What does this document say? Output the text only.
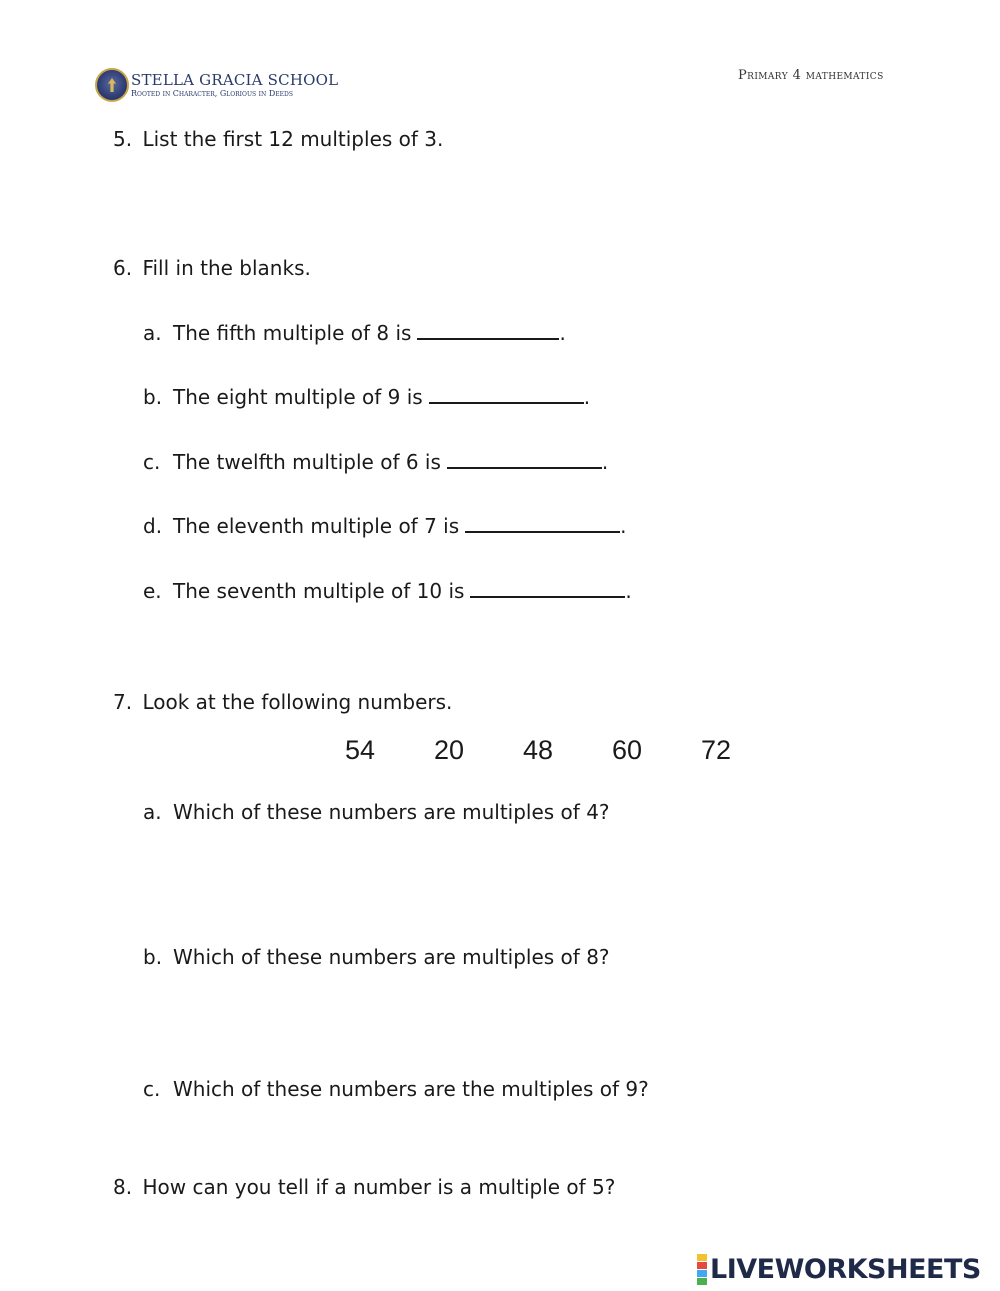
STELLA GRACIA SCHOOL
Rooted in Character, Glorious in Deeds
Primary 4 mathematics
5. List the first 12 multiples of 3.
6. Fill in the blanks.
a. The fifth multiple of 8 is	.
b. The eight multiple of 9 is	.
c. The twelfth multiple of 6 is	.
d. The eleventh multiple of 7 is	.
e. The seventh multiple of 10 is	.
7. Look at the following numbers.
54	20	48	60	72
a. Which of these numbers are multiples of 4?
b. Which of these numbers are multiples of 8?
c. Which of these numbers are the multiples of 9?
8. How can you tell if a number is a multiple of 5?
LIVEWORKSHEETS
